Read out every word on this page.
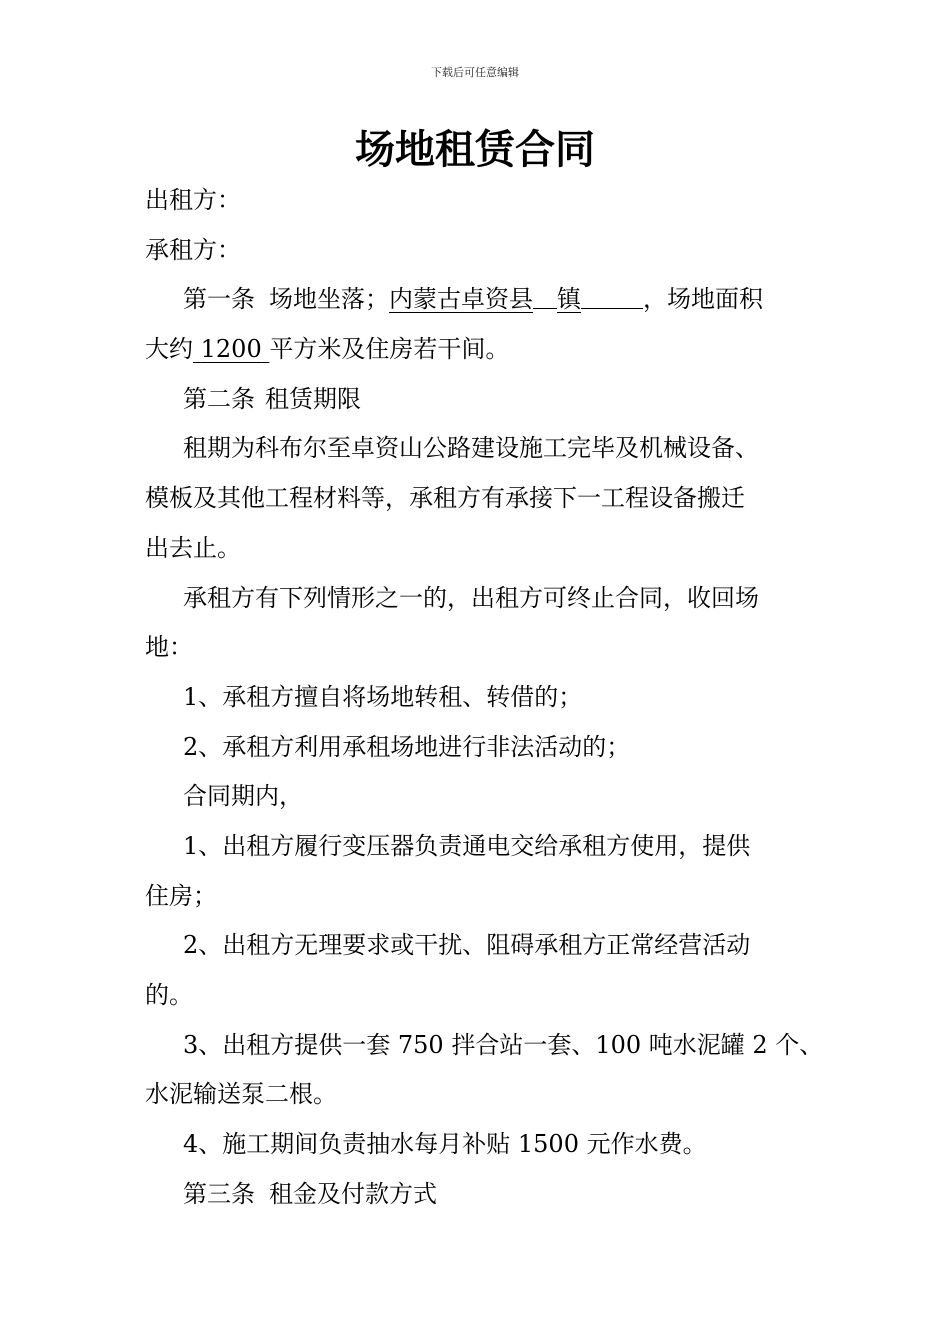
下载后可任意编辑
场地租赁合同
出租方：
承租方：
第一条 场地坐落；内蒙古卓资县 镇	，场地面积
大约 1200 平方米及住房若干间。
第二条 租赁期限
租期为科布尔至卓资山公路建设施工完毕及机械设备、
模板及其他工程材料等，承租方有承接下一工程设备搬迁
出去止。
承租方有下列情形之一的，出租方可终止合同，收回场
地：
1、承租方擅自将场地转租、转借的；
2、承租方利用承租场地进行非法活动的；
合同期内，
1、出租方履行变压器负责通电交给承租方使用，提供
住房；
2、出租方无理要求或干扰、阻碍承租方正常经营活动
的。
3、出租方提供一套 750 拌合站一套、100 吨水泥罐 2 个、
水泥输送泵二根。
4、施工期间负责抽水每月补贴 1500 元作水费。
第三条 租金及付款方式
